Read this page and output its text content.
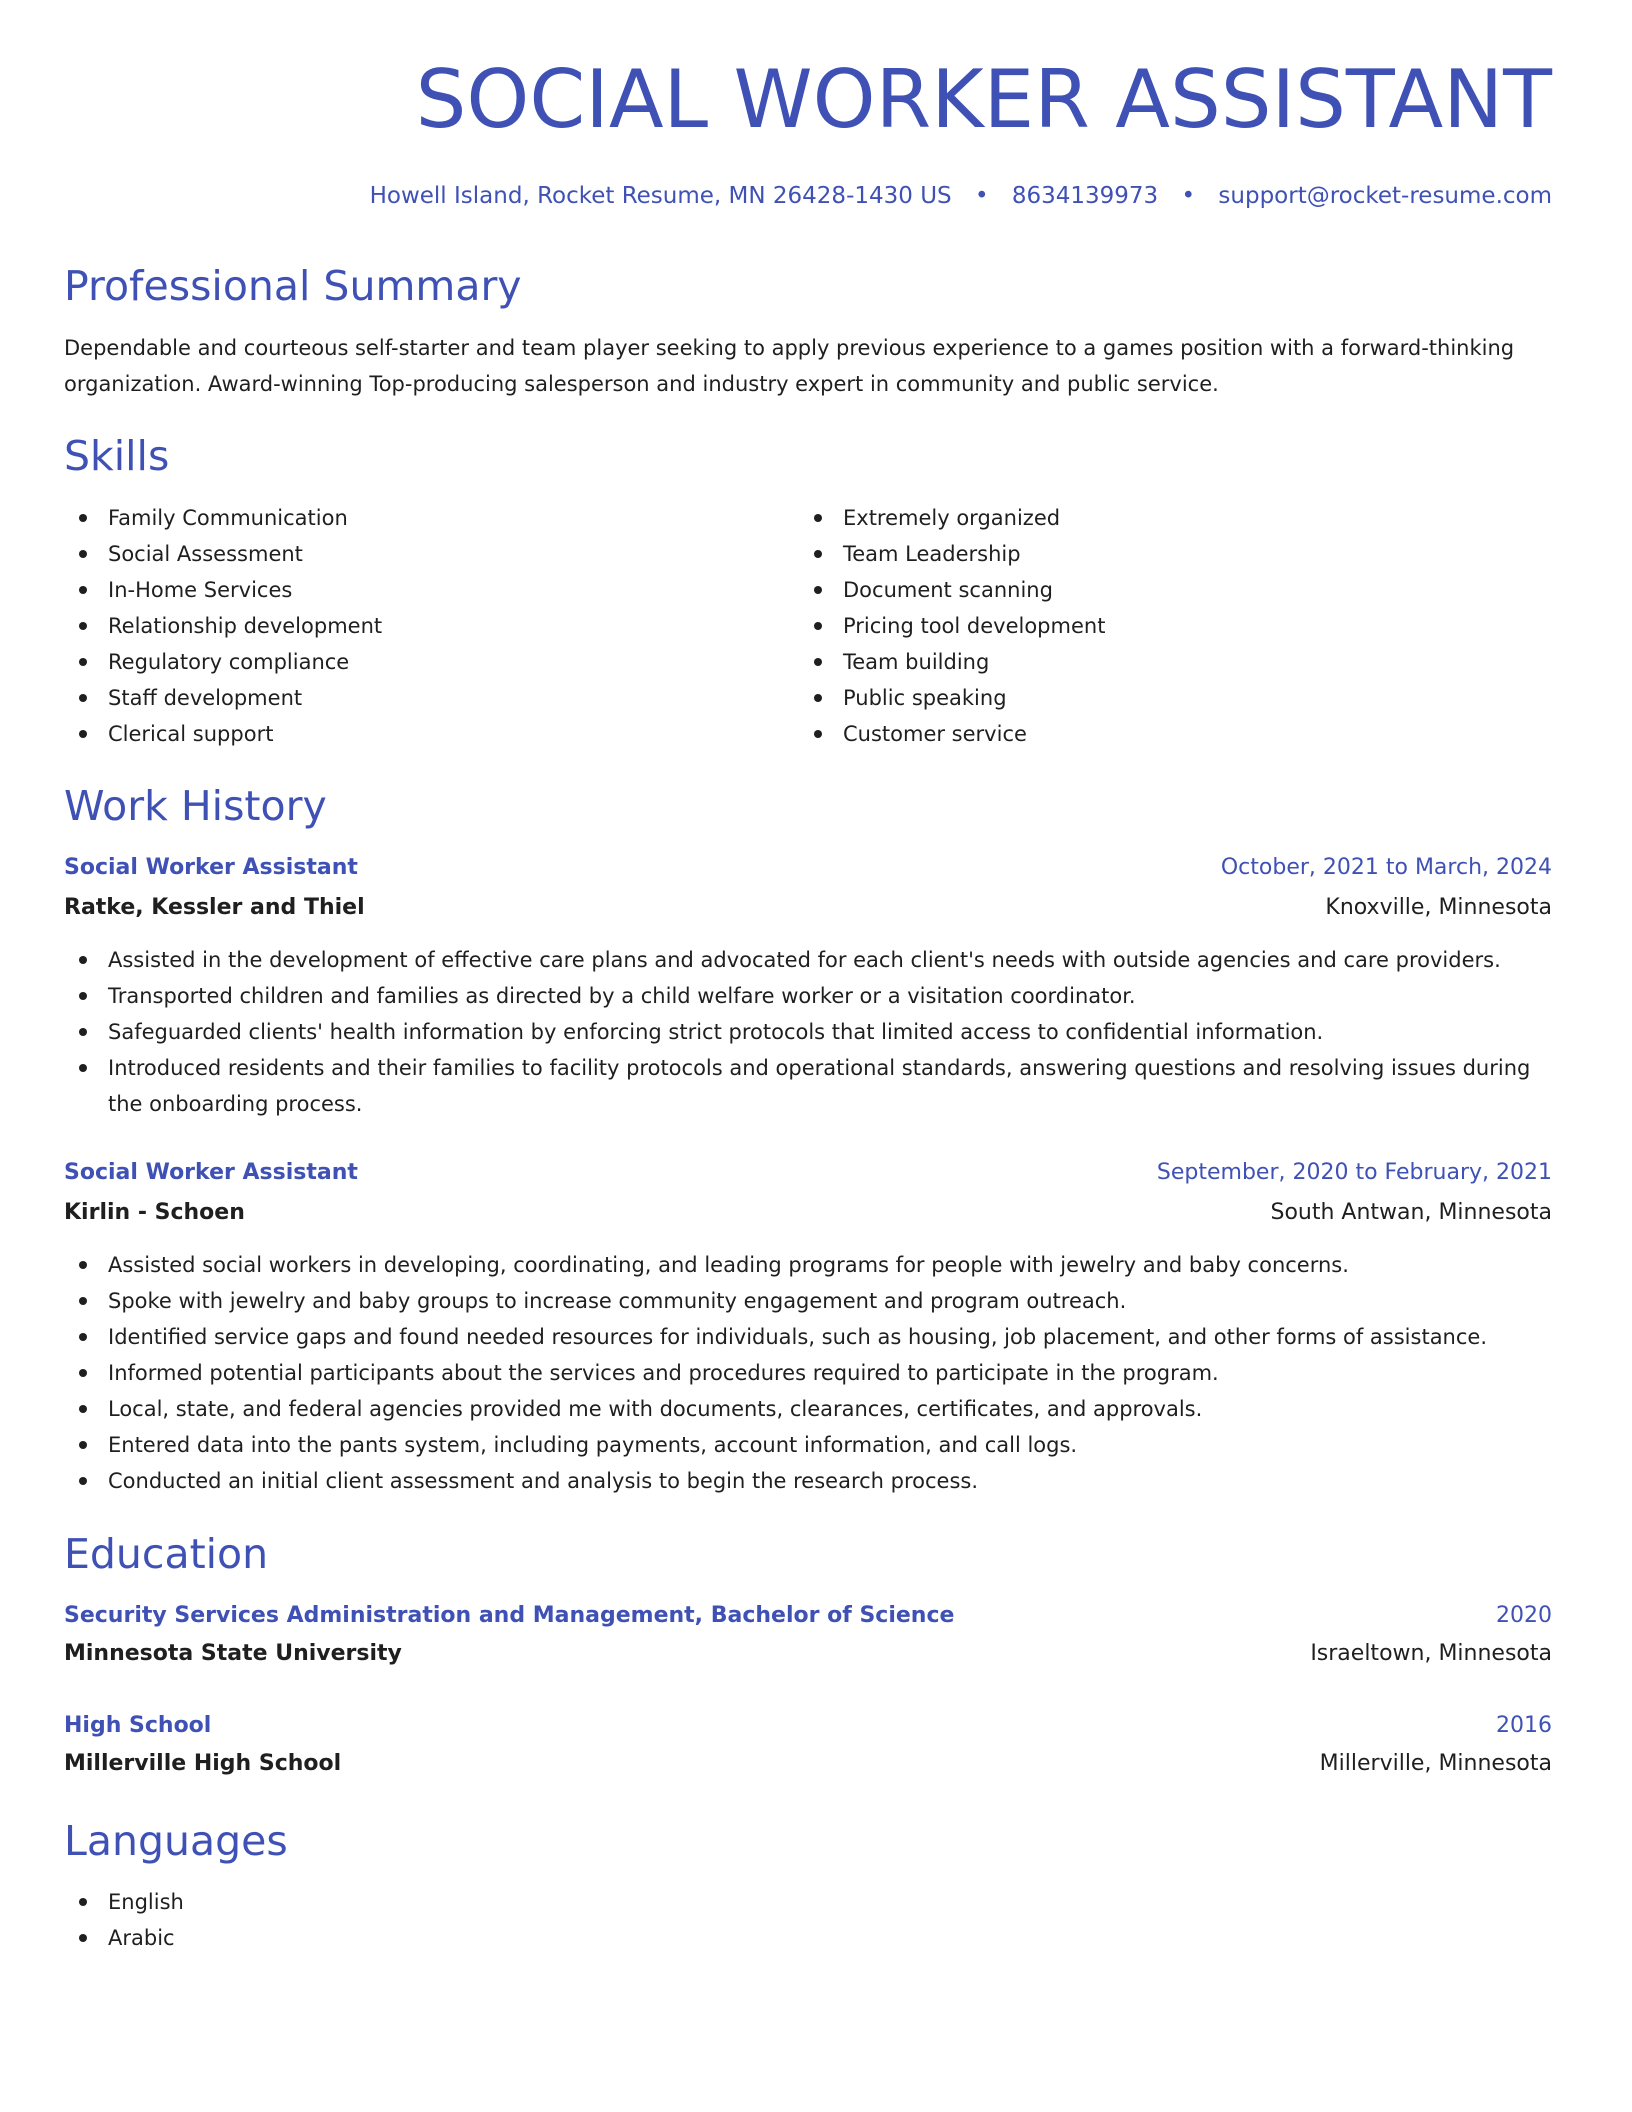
SOCIAL WORKER ASSISTANT
Howell Island, Rocket Resume, MN 26428-1430 US • 8634139973 • support@rocket-resume.com
Professional Summary

Dependable and courteous self-starter and team player seeking to apply previous experience to a games position with a forward-thinking organization. Award-winning Top-producing salesperson and industry expert in community and public service.

Skills
Family Communication
Social Assessment
In-Home Services
Relationship development
Regulatory compliance
Staff development
Clerical support
Extremely organized
Team Leadership
Document scanning
Pricing tool development
Team building
Public speaking
Customer service
Work History
Social Worker Assistant	October, 2021 to March, 2024
Ratke, Kessler and Thiel	Knoxville, Minnesota
Assisted in the development of effective care plans and advocated for each client's needs with outside agencies and care providers.
Transported children and families as directed by a child welfare worker or a visitation coordinator.
Safeguarded clients' health information by enforcing strict protocols that limited access to confidential information.
Introduced residents and their families to facility protocols and operational standards, answering questions and resolving issues during the onboarding process.
Social Worker Assistant	September, 2020 to February, 2021
Kirlin - Schoen	South Antwan, Minnesota
Assisted social workers in developing, coordinating, and leading programs for people with jewelry and baby concerns.
Spoke with jewelry and baby groups to increase community engagement and program outreach.
Identified service gaps and found needed resources for individuals, such as housing, job placement, and other forms of assistance.
Informed potential participants about the services and procedures required to participate in the program.
Local, state, and federal agencies provided me with documents, clearances, certificates, and approvals.
Entered data into the pants system, including payments, account information, and call logs.
Conducted an initial client assessment and analysis to begin the research process.
Education
Security Services Administration and Management, Bachelor of Science	2020
Minnesota State University	Israeltown, Minnesota
High School	2016
Millerville High School	Millerville, Minnesota
Languages
English
Arabic
